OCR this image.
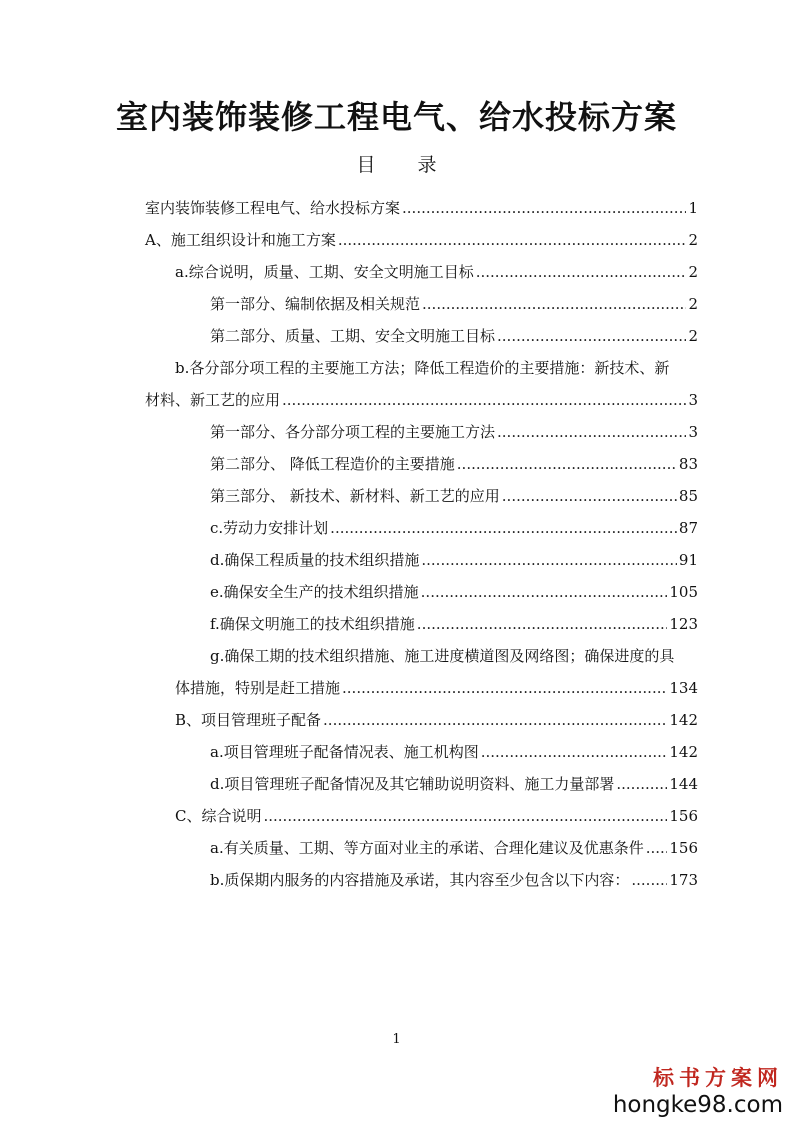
室内装饰装修工程电气、给水投标方案
目 录
室内装饰装修工程电气、给水投标方案 .....	1
A、施工组织设计和施工方案 .....	2
a.综合说明，质量、工期、安全文明施工目标 .....	2
第一部分、编制依据及相关规范 .....	2
第二部分、质量、工期、安全文明施工目标 .....	2
b.各分部分项工程的主要施工方法；降低工程造价的主要措施：新技术、新
材料、新工艺的应用 .....	3
第一部分、各分部分项工程的主要施工方法 .....	3
第二部分、 降低工程造价的主要措施 .....	83
第三部分、 新技术、新材料、新工艺的应用 .....	85
c.劳动力安排计划 .....	87
d.确保工程质量的技术组织措施 .....	91
e.确保安全生产的技术组织措施 .....	105
f.确保文明施工的技术组织措施 .....	123
g.确保工期的技术组织措施、施工进度横道图及网络图；确保进度的具
体措施，特别是赶工措施 .....	134
B、项目管理班子配备 .....	142
a.项目管理班子配备情况表、施工机构图 .....	142
d.项目管理班子配备情况及其它辅助说明资料、施工力量部署 .....	144
C、综合说明 .....	156
a.有关质量、工期、等方面对业主的承诺、合理化建议及优惠条件 ..... 156
b.质保期内服务的内容措施及承诺，其内容至少包含以下内容： .....	173
1
标书方案网
hongke98.com
